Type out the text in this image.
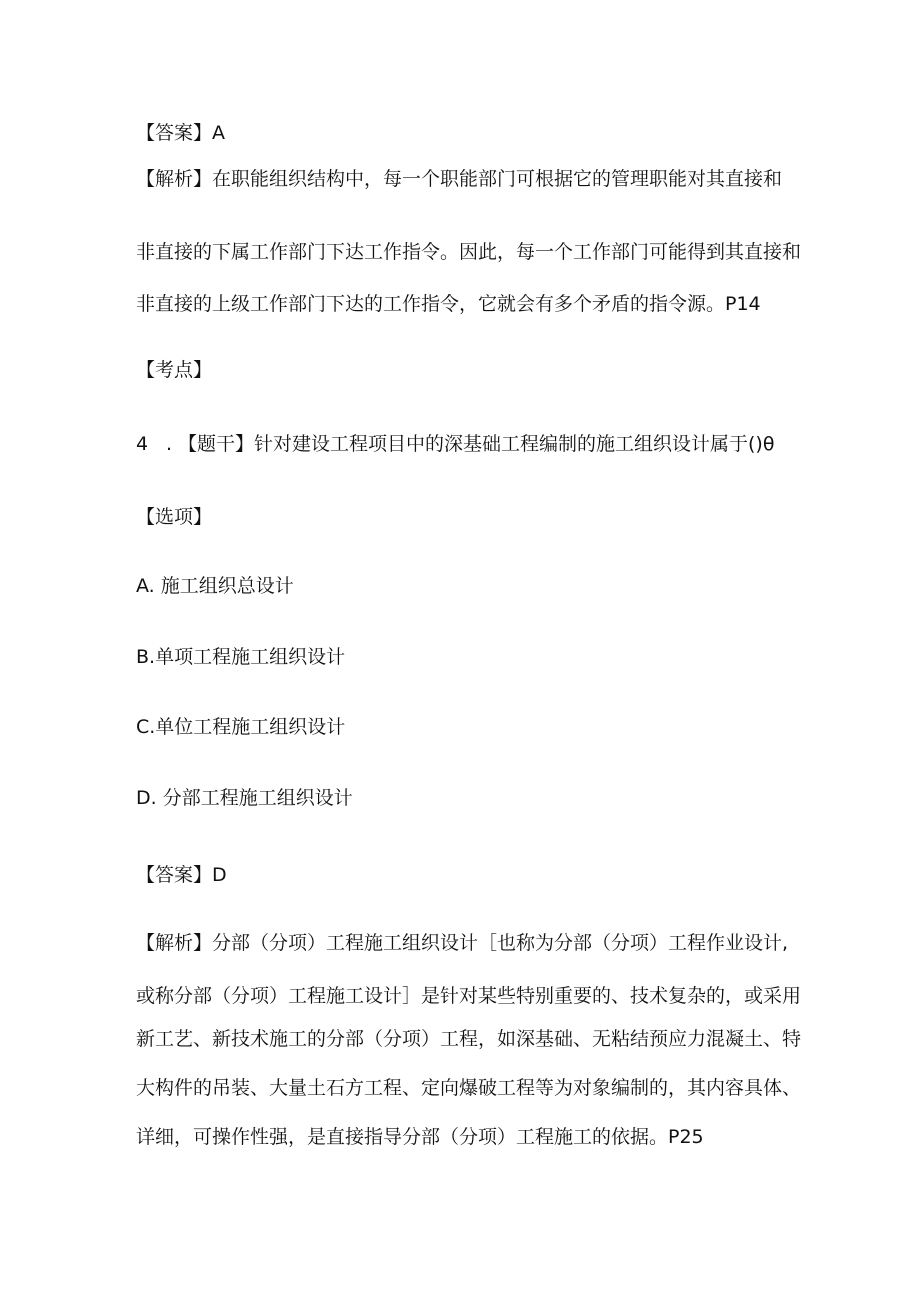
【答案】A
【解析】在职能组织结构中，每一个职能部门可根据它的管理职能对其直接和
非直接的下属工作部门下达工作指令。因此，每一个工作部门可能得到其直接和
非直接的上级工作部门下达的工作指令，它就会有多个矛盾的指令源。P14
【考点】
4 . 【题干】针对建设工程项目中的深基础工程编制的施工组织设计属于()θ
【选项】
A. 施工组织总设计
B.单项工程施工组织设计
C.单位工程施工组织设计
D. 分部工程施工组织设计
【答案】D
【解析】分部（分项）工程施工组织设计［也称为分部（分项）工程作业设计,
或称分部（分项）工程施工设计］是针对某些特别重要的、技术复杂的，或采用
新工艺、新技术施工的分部（分项）工程，如深基础、无粘结预应力混凝土、特
大构件的吊装、大量土石方工程、定向爆破工程等为对象编制的，其内容具体、
详细，可操作性强，是直接指导分部（分项）工程施工的依据。P25
